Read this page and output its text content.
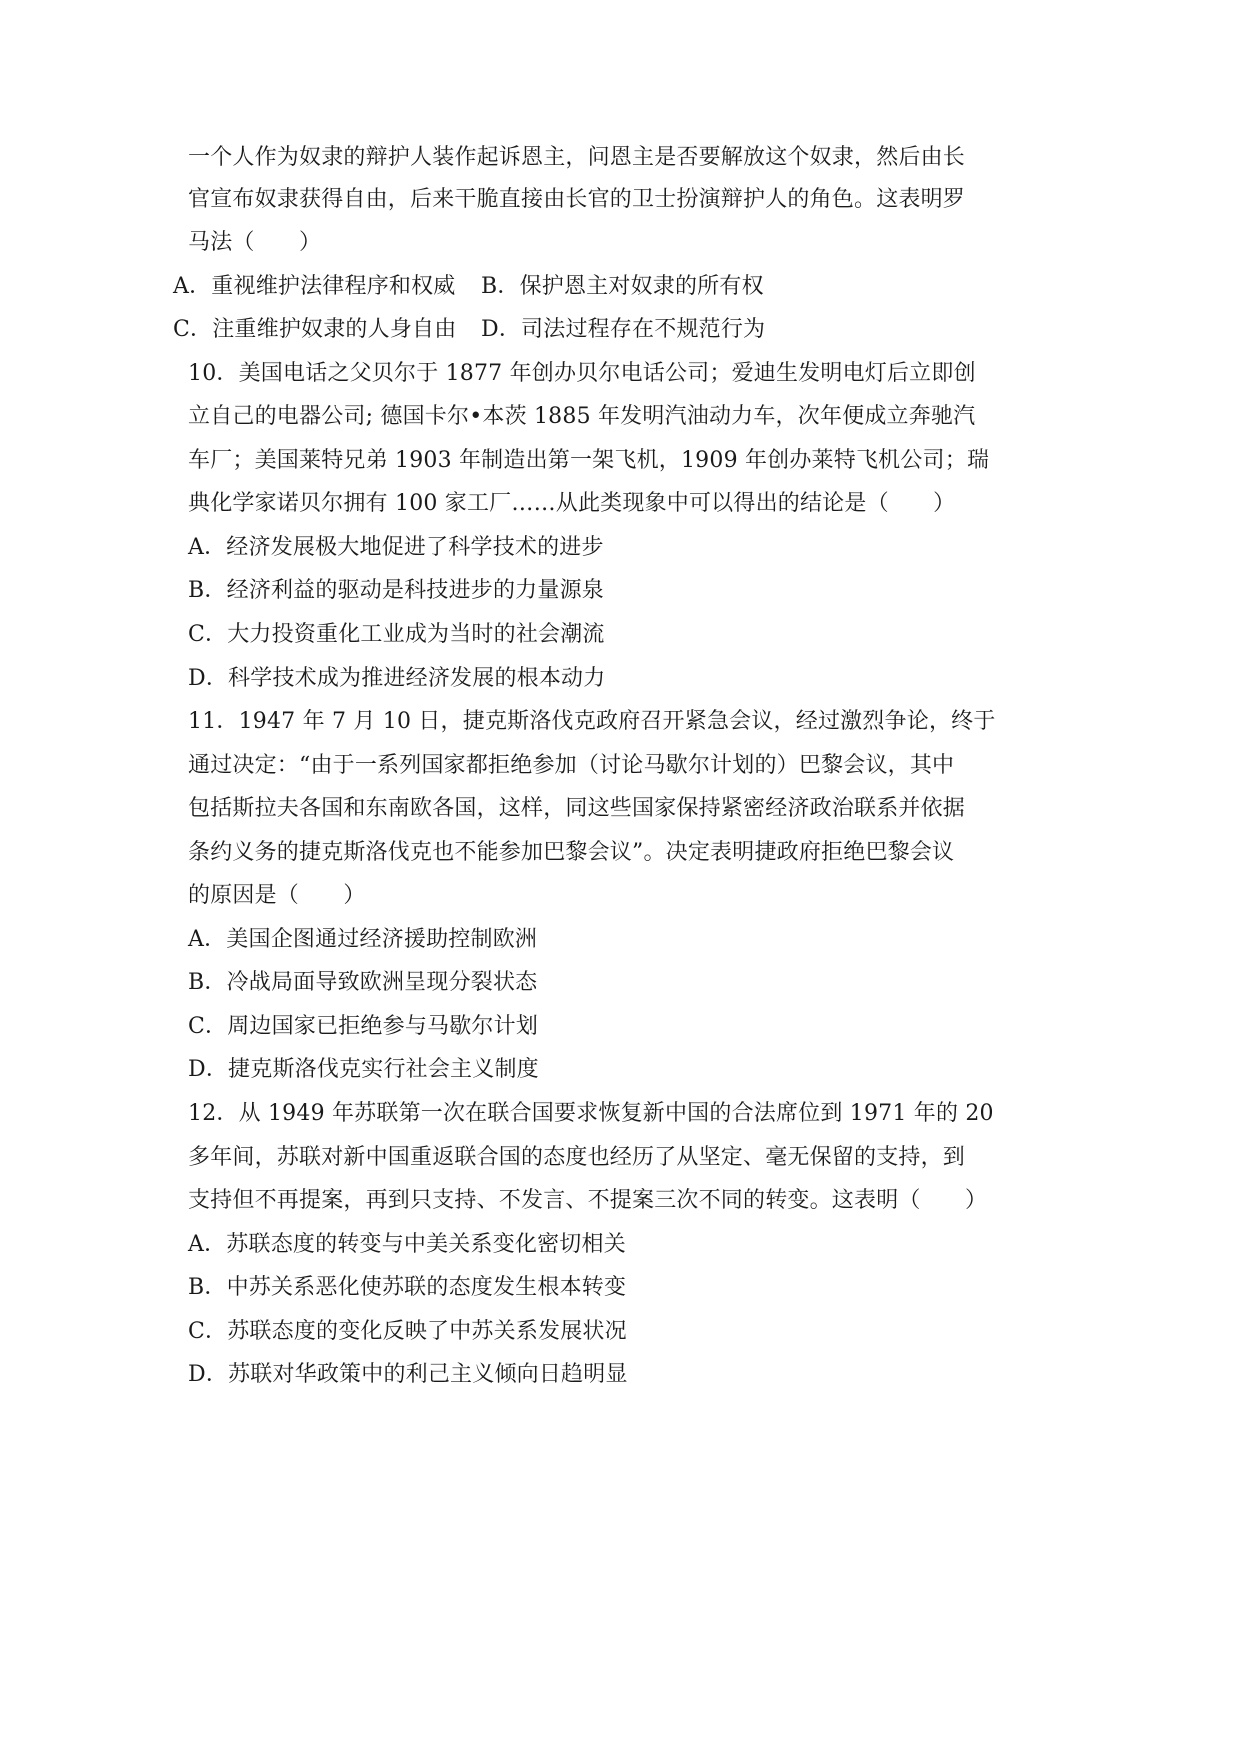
一个人作为奴隶的辩护人装作起诉恩主，问恩主是否要解放这个奴隶，然后由长
官宣布奴隶获得自由，后来干脆直接由长官的卫士扮演辩护人的角色。这表明罗
马法（　　）
A．重视维护法律程序和权威 B．保护恩主对奴隶的所有权
C．注重维护奴隶的人身自由 D．司法过程存在不规范行为
10．美国电话之父贝尔于 1877 年创办贝尔电话公司；爱迪生发明电灯后立即创
立自己的电器公司; 德国卡尔•本茨 1885 年发明汽油动力车，次年便成立奔驰汽
车厂；美国莱特兄弟 1903 年制造出第一架飞机，1909 年创办莱特飞机公司；瑞
典化学家诺贝尔拥有 100 家工厂……从此类现象中可以得出的结论是（　　）
A．经济发展极大地促进了科学技术的进步
B．经济利益的驱动是科技进步的力量源泉
C．大力投资重化工业成为当时的社会潮流
D．科学技术成为推进经济发展的根本动力
11．1947 年 7 月 10 日，捷克斯洛伐克政府召开紧急会议，经过激烈争论，终于
通过决定：“由于一系列国家都拒绝参加（讨论马歇尔计划的）巴黎会议，其中
包括斯拉夫各国和东南欧各国，这样，同这些国家保持紧密经济政治联系并依据
条约义务的捷克斯洛伐克也不能参加巴黎会议”。决定表明捷政府拒绝巴黎会议
的原因是（　　）
A．美国企图通过经济援助控制欧洲
B．冷战局面导致欧洲呈现分裂状态
C．周边国家已拒绝参与马歇尔计划
D．捷克斯洛伐克实行社会主义制度
12．从 1949 年苏联第一次在联合国要求恢复新中国的合法席位到 1971 年的 20
多年间，苏联对新中国重返联合国的态度也经历了从坚定、毫无保留的支持，到
支持但不再提案，再到只支持、不发言、不提案三次不同的转变。这表明（　　）
A．苏联态度的转变与中美关系变化密切相关
B．中苏关系恶化使苏联的态度发生根本转变
C．苏联态度的变化反映了中苏关系发展状况
D．苏联对华政策中的利己主义倾向日趋明显
